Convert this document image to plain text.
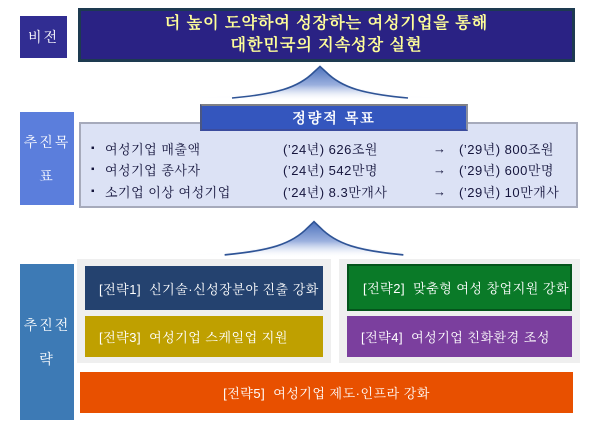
비전
더 높이 도약하여 성장하는 여성기업을 통해
대한민국의 지속성장 실현
추진목표
정량적 목표
▪ 여성기업 매출액	(’24년) 626조원	→ (’29년) 800조원
▪ 여성기업 종사자	(’24년) 542만명	→ (’29년) 600만명
▪ 소기업 이상 여성기업	(’24년) 8.3만개사	→ (’29년) 10만개사
추진전략
[전략1] 신기술·신성장분야 진출 강화	[전략2] 맞춤형 여성 창업지원 강화
[전략3] 여성기업 스케일업 지원	[전략4] 여성기업 친화환경 조성
[전략5] 여성기업 제도·인프라 강화
